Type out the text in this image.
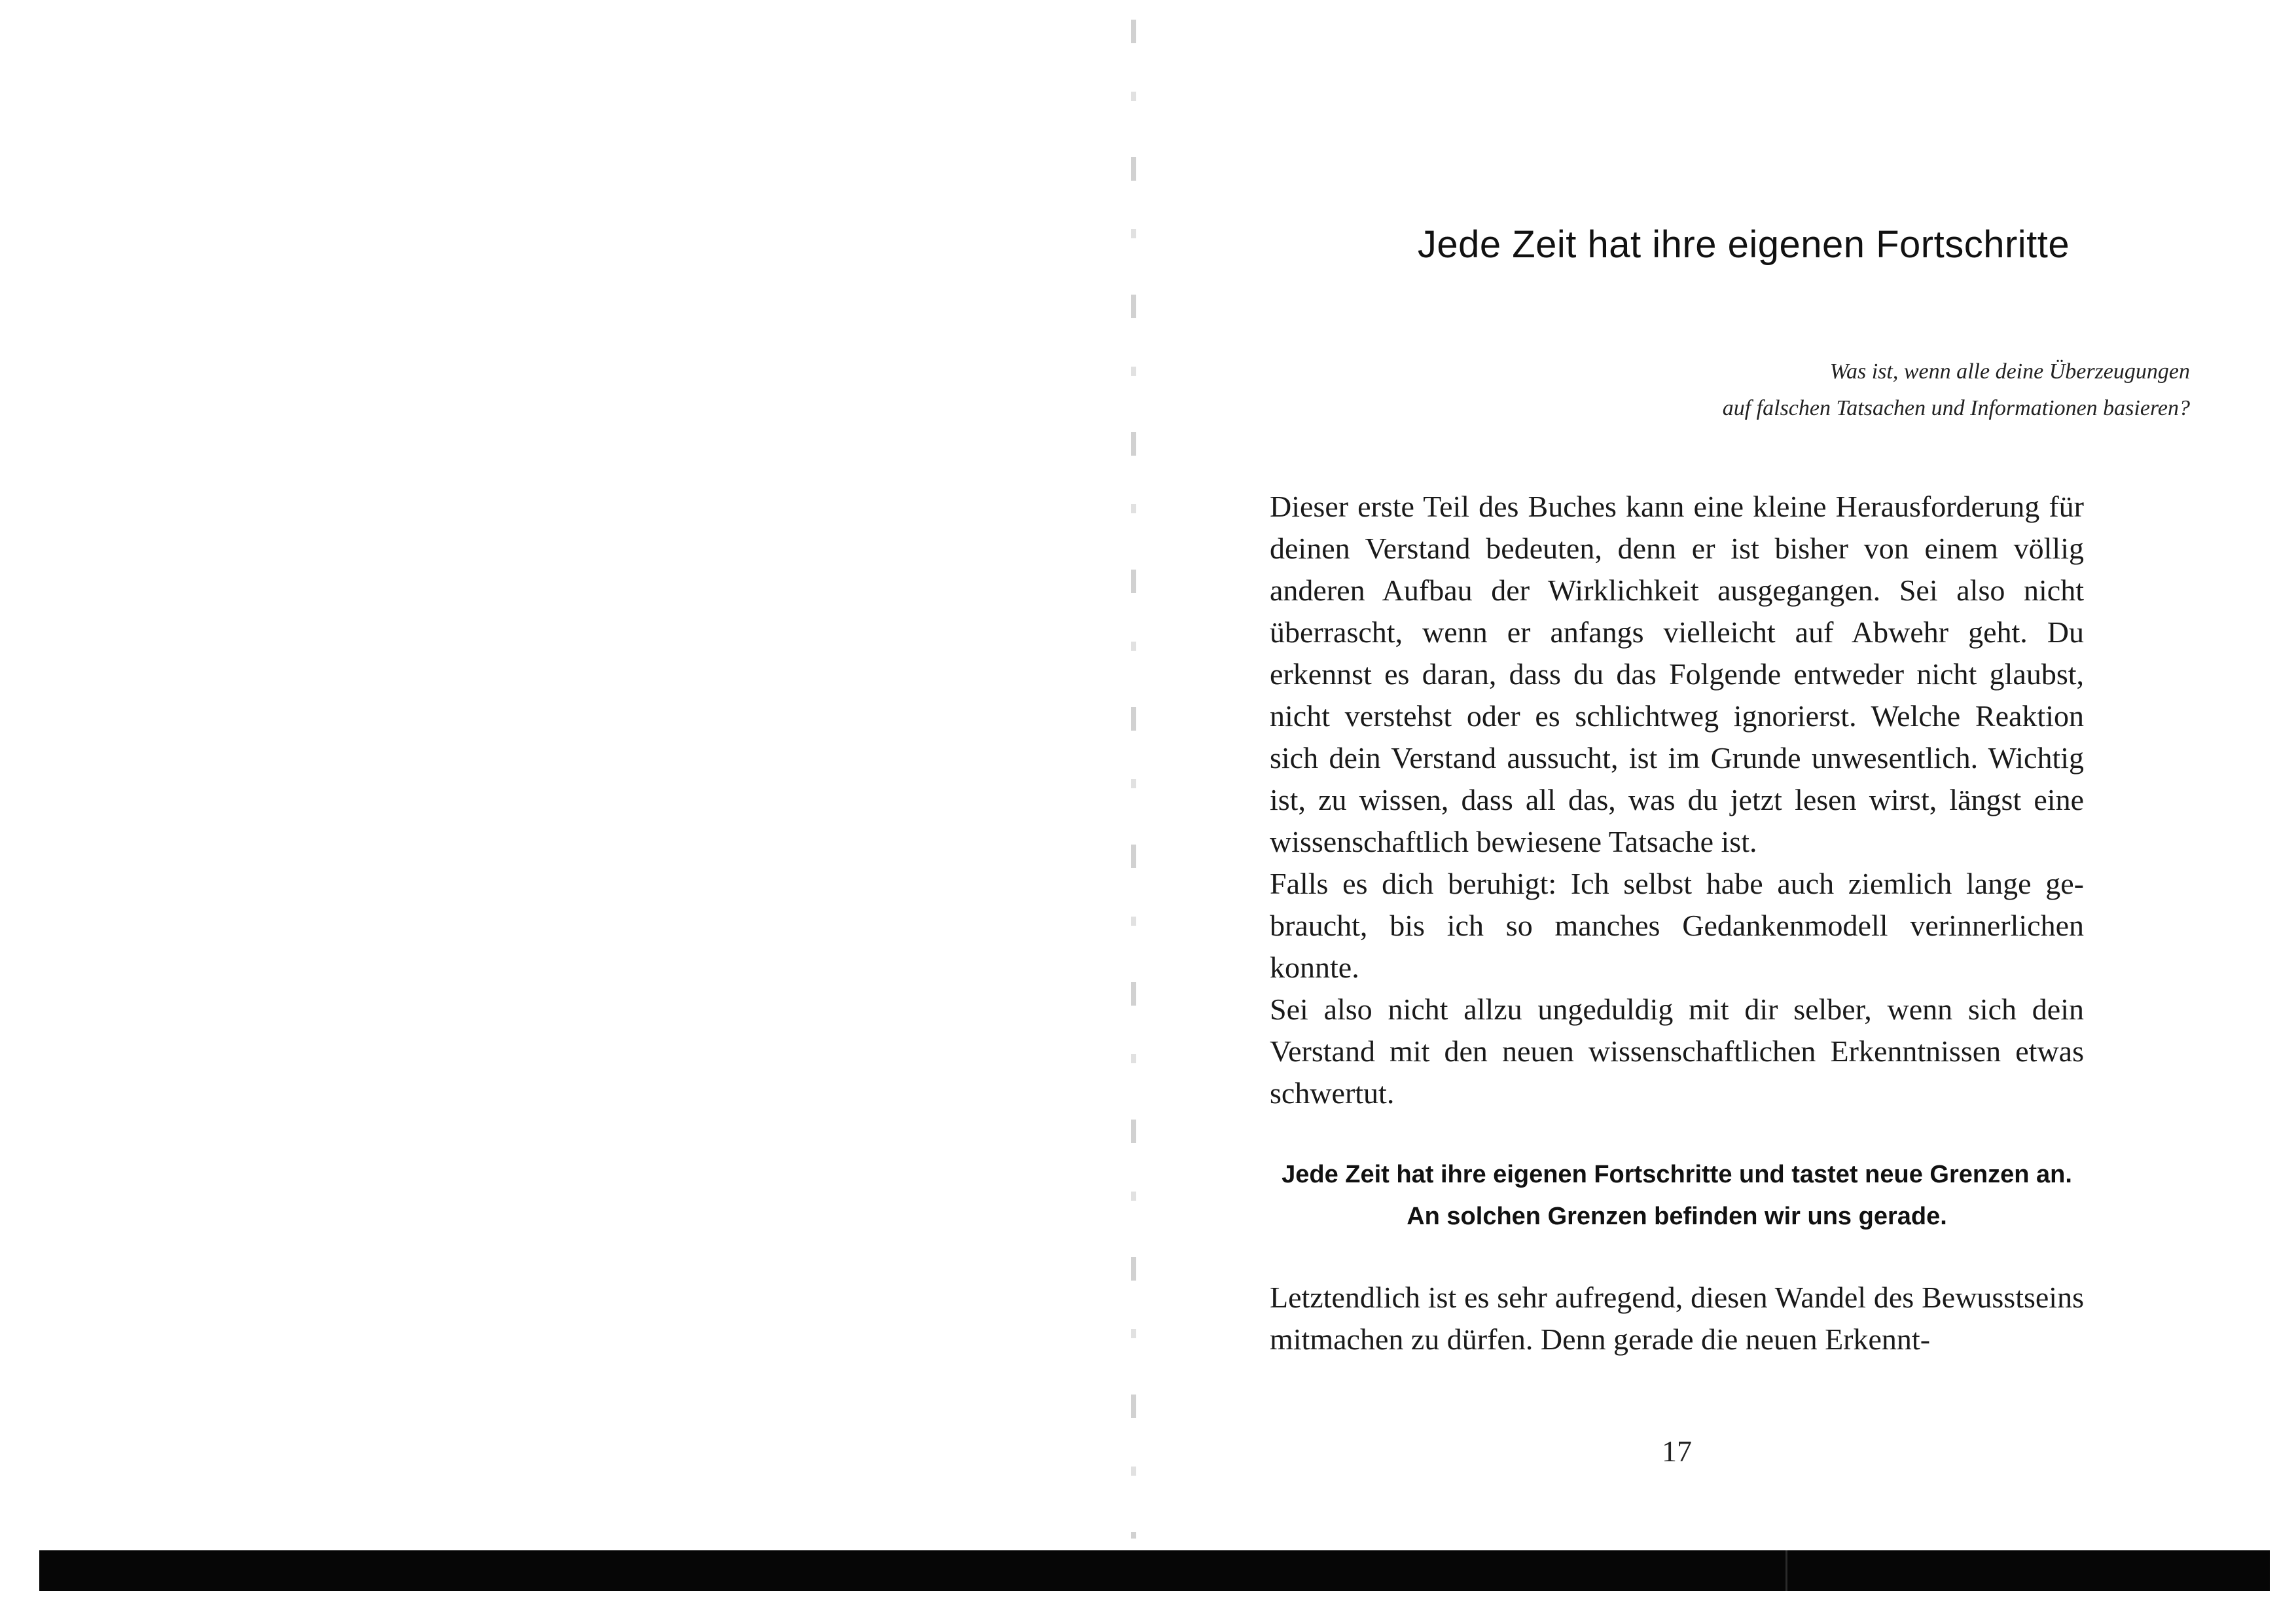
Jede Zeit hat ihre eigenen Fortschritte
Was ist, wenn alle deine Überzeugungen
auf falschen Tatsachen und Informationen basieren?

Dieser erste Teil des Buches kann eine kleine Herausforderung für deinen Verstand bedeuten, denn er ist bisher von einem völlig anderen Aufbau der Wirklichkeit ausgegangen. Sei also nicht überrascht, wenn er anfangs vielleicht auf Abwehr geht. Du erkennst es daran, dass du das Folgende entweder nicht glaubst, nicht verstehst oder es schlichtweg ignorierst. Welche Reaktion sich dein Verstand aussucht, ist im Grunde unwesentlich. Wichtig ist, zu wissen, dass all das, was du jetzt lesen wirst, längst eine wissenschaftlich bewiesene Tatsache ist.

Falls es dich beruhigt: Ich selbst habe auch ziemlich lange gebraucht, bis ich so manches Gedankenmodell verinnerlichen konnte.

Sei also nicht allzu ungeduldig mit dir selber, wenn sich dein Verstand mit den neuen wissenschaftlichen Erkenntnissen etwas schwertut.

Jede Zeit hat ihre eigenen Fortschritte und tastet neue Grenzen an.

An solchen Grenzen befinden wir uns gerade.

Letztendlich ist es sehr aufregend, diesen Wandel des Bewusstseins mitmachen zu dürfen. Denn gerade die neuen Erkennt-

17
